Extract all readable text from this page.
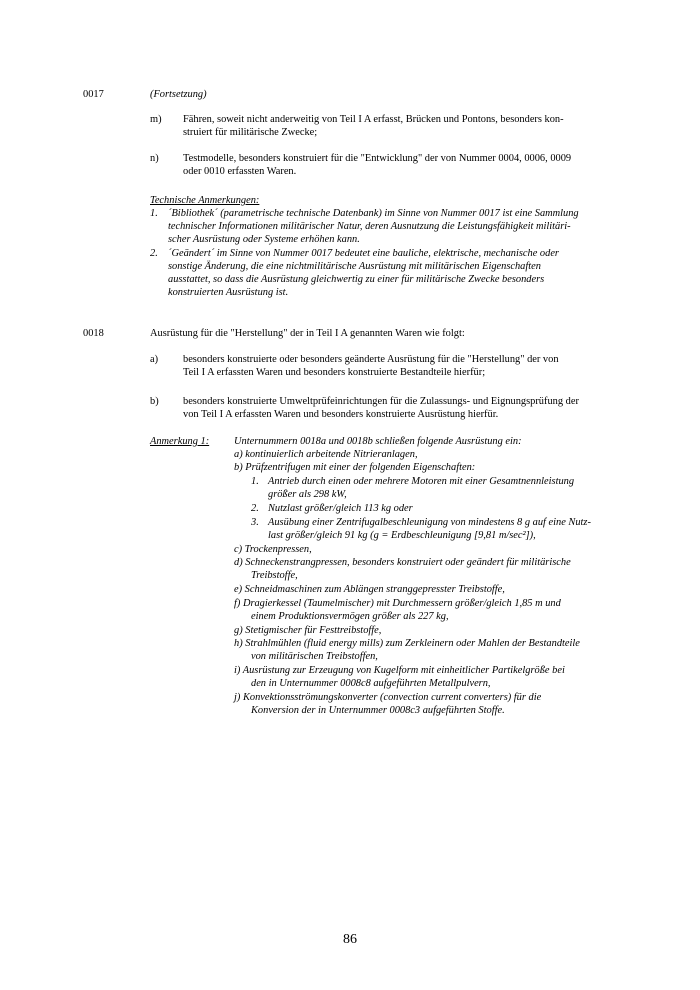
0017	(Fortsetzung)
m) Fähren, soweit nicht anderweitig von Teil I A erfasst, Brücken und Pontons, besonders kon-
struiert für militärische Zwecke;
n) Testmodelle, besonders konstruiert für die "Entwicklung" der von Nummer 0004, 0006, 0009
oder 0010 erfassten Waren.
Technische Anmerkungen:
1. ´Bibliothek´ (parametrische technische Datenbank) im Sinne von Nummer 0017 ist eine Sammlung
technischer Informationen militärischer Natur, deren Ausnutzung die Leistungsfähigkeit militäri-
scher Ausrüstung oder Systeme erhöhen kann.
2. ´Geändert´ im Sinne von Nummer 0017 bedeutet eine bauliche, elektrische, mechanische oder
sonstige Änderung, die eine nichtmilitärische Ausrüstung mit militärischen Eigenschaften
ausstattet, so dass die Ausrüstung gleichwertig zu einer für militärische Zwecke besonders
konstruierten Ausrüstung ist.
0018	Ausrüstung für die "Herstellung" der in Teil I A genannten Waren wie folgt:
a) besonders konstruierte oder besonders geänderte Ausrüstung für die "Herstellung" der von
Teil I A erfassten Waren und besonders konstruierte Bestandteile hierfür;
b) besonders konstruierte Umweltprüfeinrichtungen für die Zulassungs- und Eignungsprüfung der
von Teil I A erfassten Waren und besonders konstruierte Ausrüstung hierfür.
Anmerkung 1: Unternummern 0018a und 0018b schließen folgende Ausrüstung ein:
a) kontinuierlich arbeitende Nitrieranlagen,
b) Prüfzentrifugen mit einer der folgenden Eigenschaften:
1. Antrieb durch einen oder mehrere Motoren mit einer Gesamtnennleistung
größer als 298 kW,
2. Nutzlast größer/gleich 113 kg oder
3. Ausübung einer Zentrifugalbeschleunigung von mindestens 8 g auf eine Nutz-
last größer/gleich 91 kg (g = Erdbeschleunigung [9,81 m/sec²]),
c) Trockenpressen,
d) Schneckenstrangpressen, besonders konstruiert oder geändert für militärische
Treibstoffe,
e) Schneidmaschinen zum Ablängen stranggepresster Treibstoffe,
f) Dragierkessel (Taumelmischer) mit Durchmessern größer/gleich 1,85 m und
einem Produktionsvermögen größer als 227 kg,
g) Stetigmischer für Festtreibstoffe,
h) Strahlmühlen (fluid energy mills) zum Zerkleinern oder Mahlen der Bestandteile
von militärischen Treibstoffen,
i) Ausrüstung zur Erzeugung von Kugelform mit einheitlicher Partikelgröße bei
den in Unternummer 0008c8 aufgeführten Metallpulvern,
j) Konvektionsströmungskonverter (convection current converters) für die
Konversion der in Unternummer 0008c3 aufgeführten Stoffe.
86
